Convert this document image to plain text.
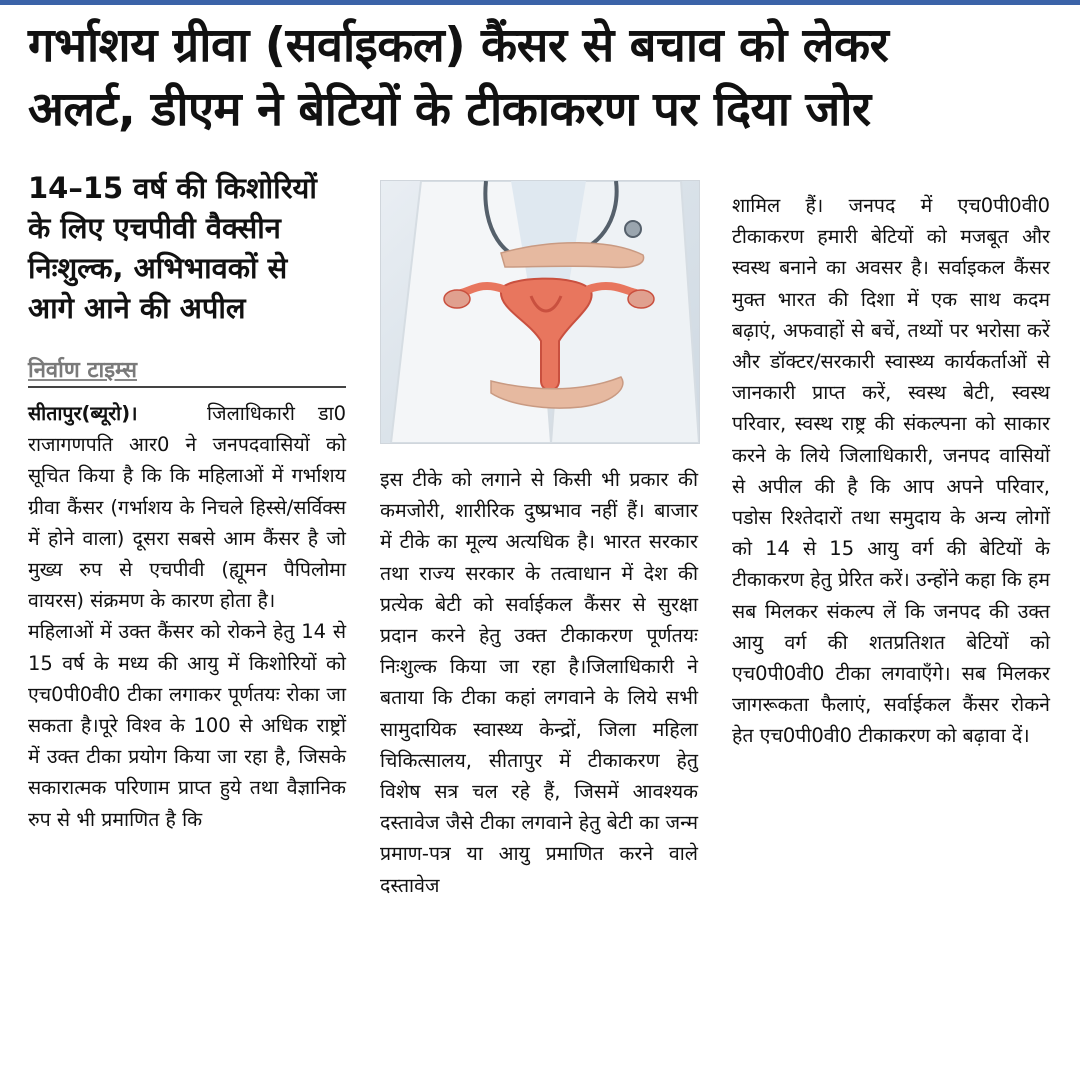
गर्भाशय ग्रीवा (सर्वाइकल) कैंसर से बचाव को लेकर
अलर्ट, डीएम ने बेटियों के टीकाकरण पर दिया जोर
14–15 वर्ष की किशोरियों
के लिए एचपीवी वैक्सीन
निःशुल्क, अभिभावकों से
आगे आने की अपील
निर्वाण टाइम्स

सीतापुर(ब्यूरो)।	जिलाधिकारी डा0 राजागणपति आर0 ने जनपदवासियों को सूचित किया है कि कि महिलाओं में गर्भाशय ग्रीवा कैंसर (गर्भाशय के निचले हिस्से/सर्विक्स में होने वाला) दूसरा सबसे आम कैंसर है जो मुख्य रुप से एचपीवी (ह्यूमन पैपिलोमा वायरस) संक्रमण के कारण होता है।

महिलाओं में उक्त कैंसर को रोकने हेतु 14 से 15 वर्ष के मध्य की आयु में किशोरियों को एच0पी0वी0 टीका लगाकर पूर्णतयः रोका जा सकता है।पूरे विश्व के 100 से अधिक राष्ट्रों में उक्त टीका प्रयोग किया जा रहा है, जिसके सकारात्मक परिणाम प्राप्त हुये तथा वैज्ञानिक रुप से भी प्रमाणित है कि

इस टीके को लगाने से किसी भी प्रकार की कमजोरी, शारीरिक दुष्प्रभाव नहीं हैं। बाजार में टीके का मूल्य अत्यधिक है। भारत सरकार तथा राज्य सरकार के तत्वाधान में देश की प्रत्येक बेटी को सर्वाईकल कैंसर से सुरक्षा प्रदान करने हेतु उक्त टीकाकरण पूर्णतयः निःशुल्क किया जा रहा है।जिलाधिकारी ने बताया कि टीका कहां लगवाने के लिये सभी सामुदायिक स्वास्थ्य केन्द्रों, जिला महिला चिकित्सालय, सीतापुर में टीकाकरण हेतु विशेष सत्र चल रहे हैं, जिसमें आवश्यक दस्तावेज जैसे टीका लगवाने हेतु बेटी का जन्म प्रमाण-पत्र या आयु प्रमाणित करने वाले दस्तावेज

शामिल हैं। जनपद में एच0पी0वी0 टीकाकरण हमारी बेटियों को मजबूत और स्वस्थ बनाने का अवसर है। सर्वाइकल कैंसर मुक्त भारत की दिशा में एक साथ कदम बढ़ाएं, अफवाहों से बचें, तथ्यों पर भरोसा करें और डॉक्टर/सरकारी स्वास्थ्य कार्यकर्ताओं से जानकारी प्राप्त करें, स्वस्थ बेटी, स्वस्थ परिवार, स्वस्थ राष्ट्र की संकल्पना को साकार करने के लिये जिलाधिकारी, जनपद वासियों से अपील की है कि आप अपने परिवार, पडोस रिश्तेदारों तथा समुदाय के अन्य लोगों को 14 से 15 आयु वर्ग की बेटियों के टीकाकरण हेतु प्रेरित करें। उन्होंने कहा कि हम सब मिलकर संकल्प लें कि जनपद की उक्त आयु वर्ग की शतप्रतिशत बेटियों को एच0पी0वी0 टीका लगवाएँगे। सब मिलकर जागरूकता फैलाएं, सर्वाईकल कैंसर रोकने हेत एच0पी0वी0 टीकाकरण को बढ़ावा दें।
